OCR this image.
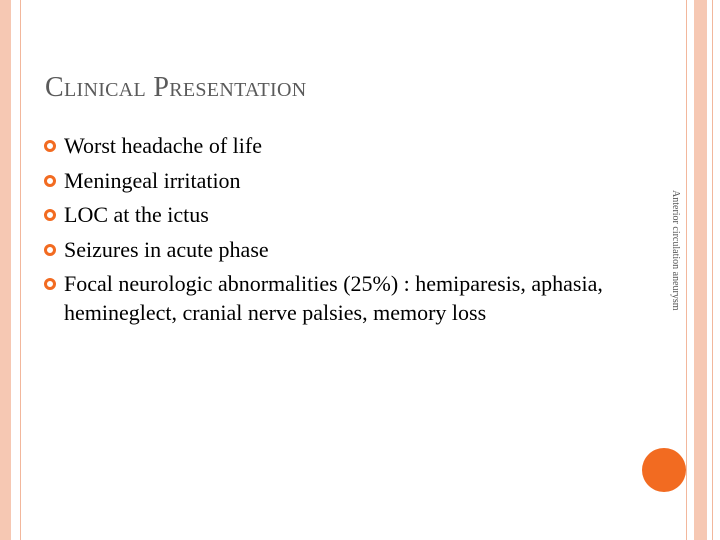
Clinical Presentation
Worst headache of life
Meningeal irritation
LOC at the ictus
Seizures in acute phase
Focal neurologic abnormalities (25%) : hemiparesis, aphasia, hemineglect, cranial nerve palsies, memory loss
Anterior circulation aneurysm
